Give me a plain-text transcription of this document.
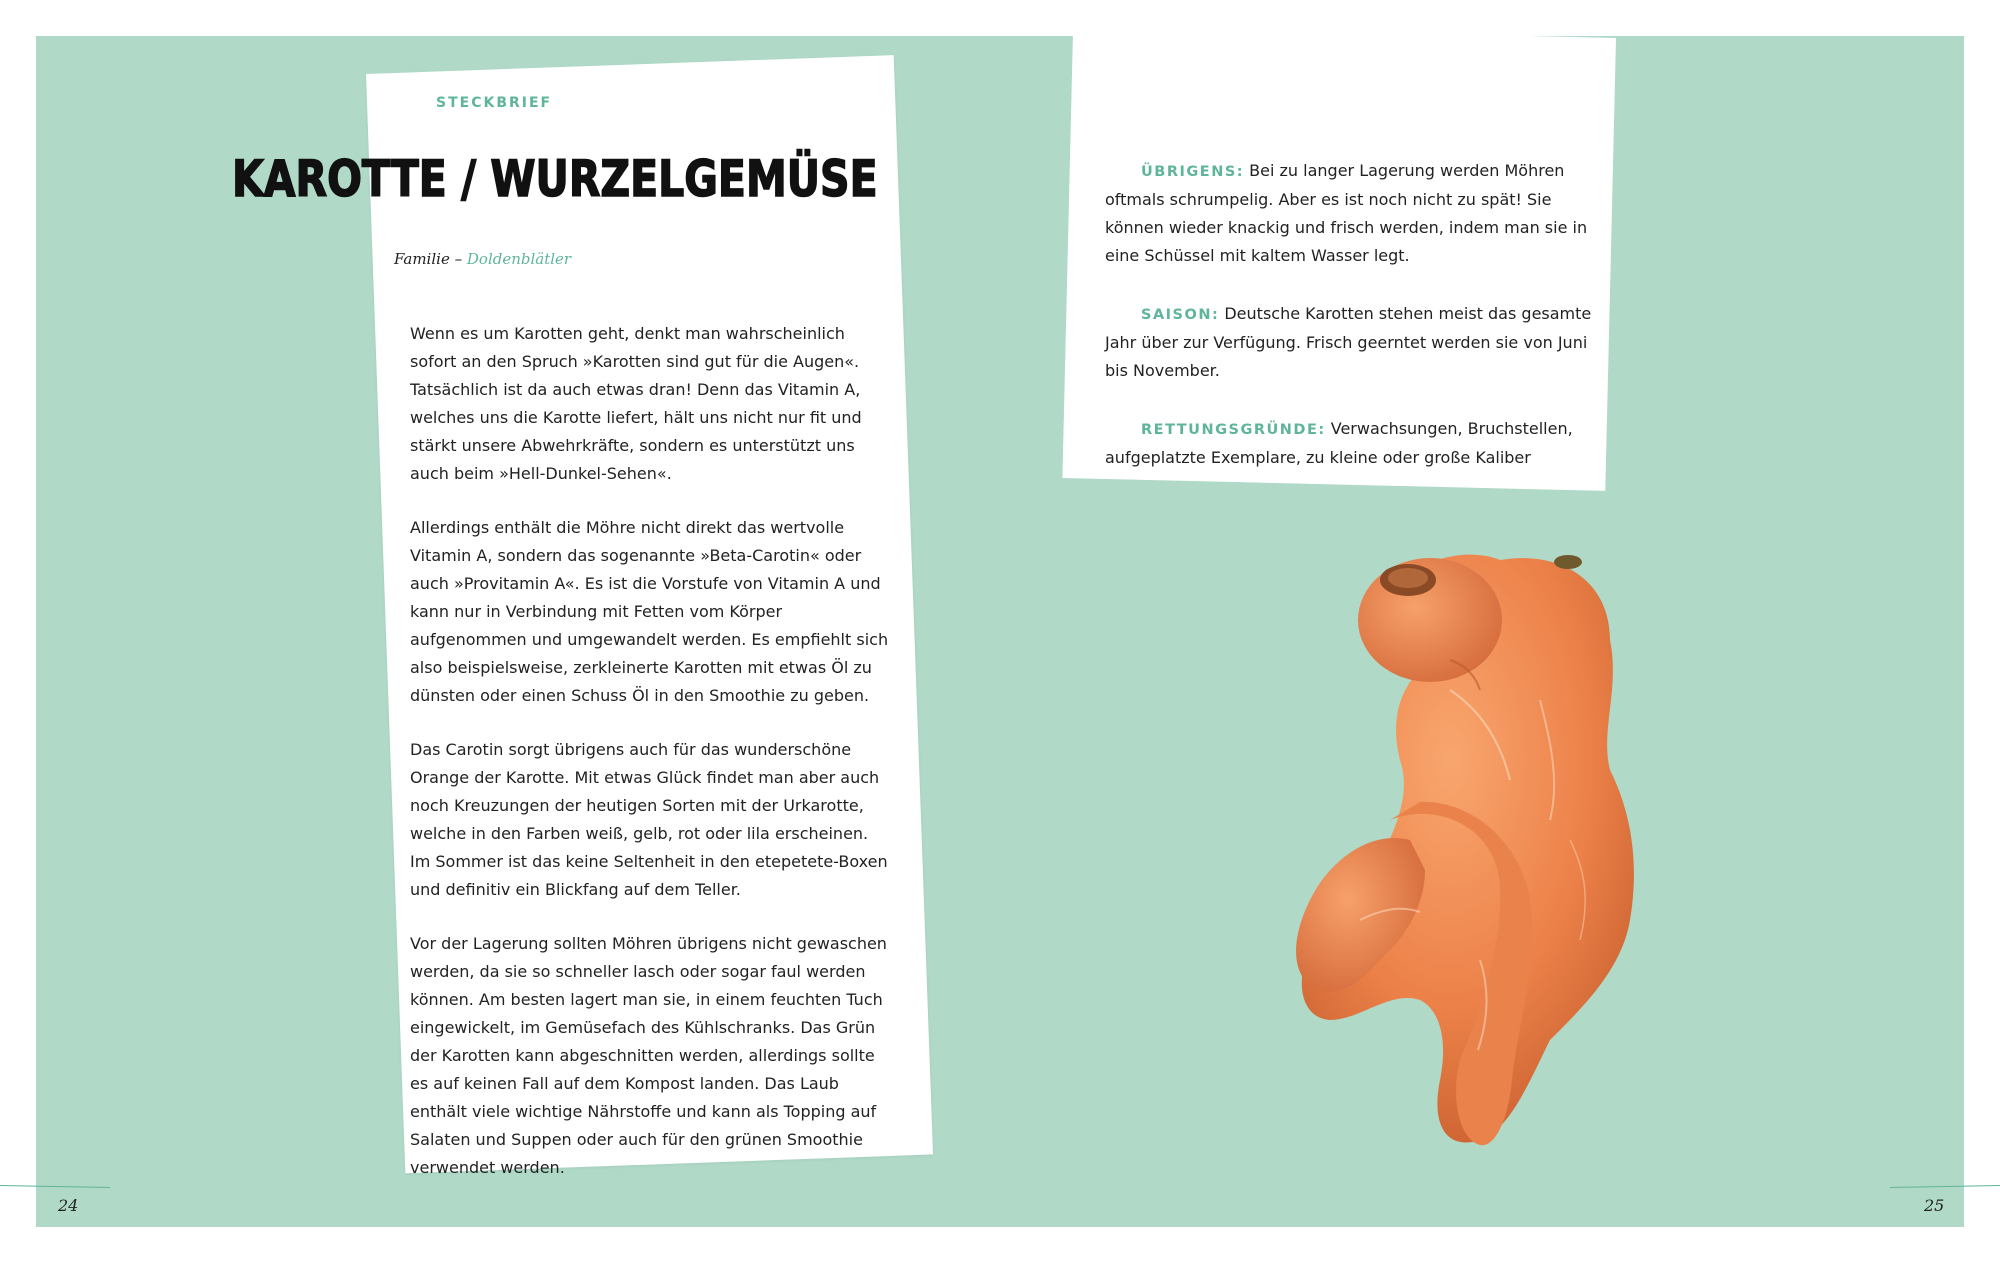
STECKBRIEF
KAROTTE / WURZELGEMÜSE
Familie – Doldenblätler

Wenn es um Karotten geht, denkt man wahrscheinlich sofort an den Spruch »Karotten sind gut für die Augen«. Tatsächlich ist da auch etwas dran! Denn das Vitamin A, welches uns die Karotte liefert, hält uns nicht nur fit und stärkt unsere Abwehrkräfte, sondern es unterstützt uns auch beim »Hell-Dunkel-Sehen«.

Allerdings enthält die Möhre nicht direkt das wertvolle Vitamin A, sondern das sogenannte »Beta-Carotin« oder auch »Provitamin A«. Es ist die Vorstufe von Vitamin A und kann nur in Verbindung mit Fetten vom Körper aufgenommen und umgewandelt werden. Es empfiehlt sich also beispielsweise, zerkleinerte Karotten mit etwas Öl zu dünsten oder einen Schuss Öl in den Smoothie zu geben.

Das Carotin sorgt übrigens auch für das wunderschöne Orange der Karotte. Mit etwas Glück findet man aber auch noch Kreuzungen der heutigen Sorten mit der Urkarotte, welche in den Farben weiß, gelb, rot oder lila erscheinen. Im Sommer ist das keine Seltenheit in den etepetete-Boxen und definitiv ein Blickfang auf dem Teller.

Vor der Lagerung sollten Möhren übrigens nicht gewaschen werden, da sie so schneller lasch oder sogar faul werden können. Am besten lagert man sie, in einem feuchten Tuch eingewickelt, im Gemüsefach des Kühlschranks. Das Grün der Karotten kann abgeschnitten werden, allerdings sollte es auf keinen Fall auf dem Kompost landen. Das Laub enthält viele wichtige Nährstoffe und kann als Topping auf Salaten und Suppen oder auch für den grünen Smoothie verwendet werden.

ÜBRIGENS: Bei zu langer Lagerung werden Möhren oftmals schrumpelig. Aber es ist noch nicht zu spät! Sie können wieder knackig und frisch werden, indem man sie in eine Schüssel mit kaltem Wasser legt.

SAISON: Deutsche Karotten stehen meist das gesamte Jahr über zur Verfügung. Frisch geerntet werden sie von Juni bis November.

RETTUNGSGRÜNDE: Verwachsungen, Bruchstellen, aufgeplatzte Exemplare, zu kleine oder große Kaliber

24	25
